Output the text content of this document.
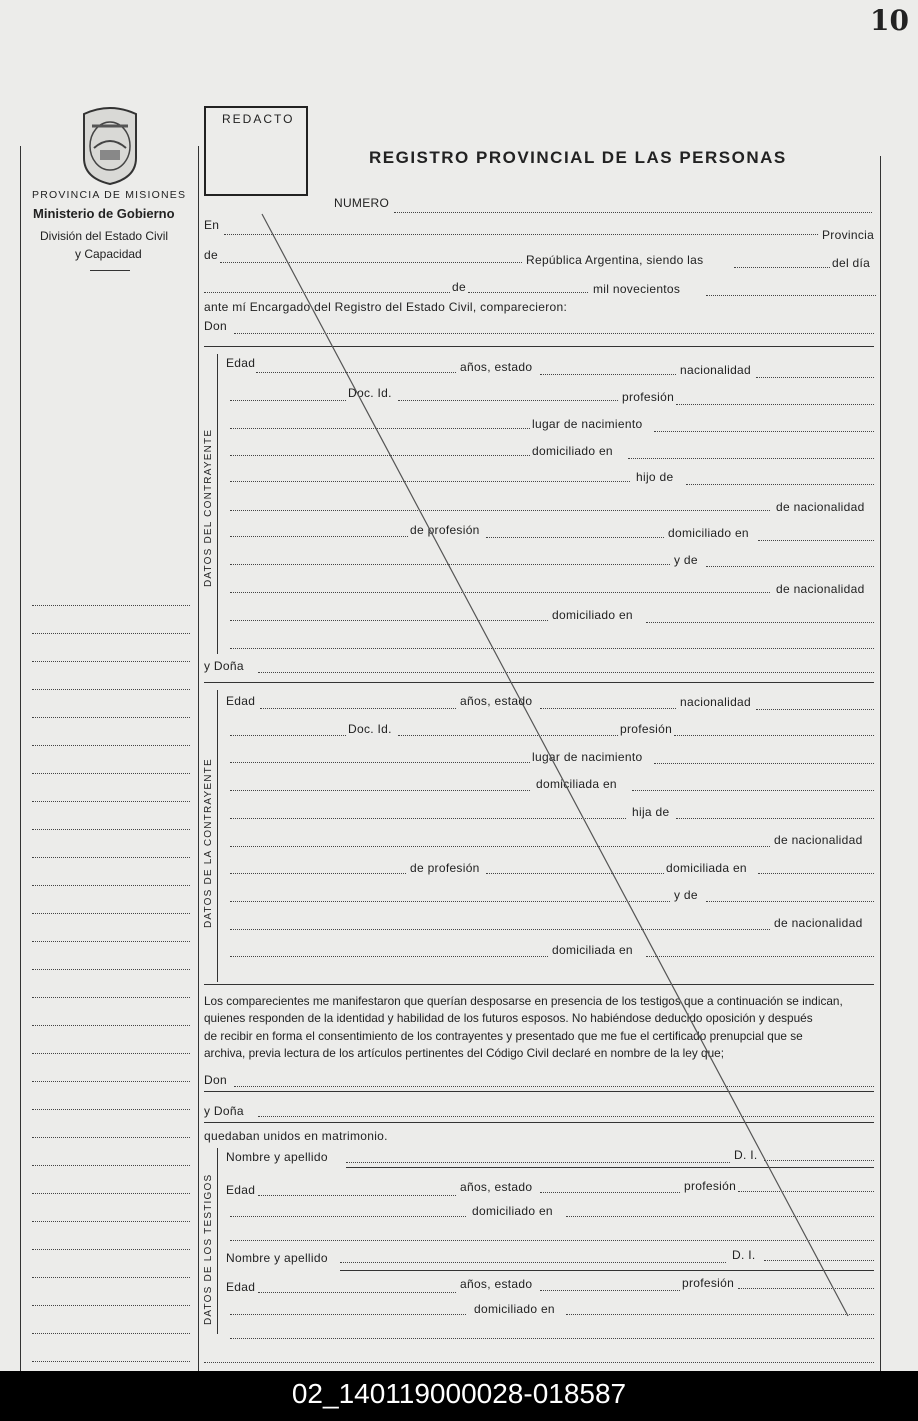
10
PROVINCIA DE MISIONES
Ministerio de Gobierno
División del Estado Civil
y Capacidad
REDACTO
REGISTRO PROVINCIAL DE LAS PERSONAS
NUMERO
En
Provincia
de	República Argentina, siendo las	del día
de	mil novecientos
ante mí Encargado del Registro del Estado Civil, comparecieron:
Don
DATOS DEL CONTRAYENTE
Edad	años, estado	nacionalidad
Doc. Id.	profesión
lugar de nacimiento
domiciliado en
hijo de
de nacionalidad
de profesión	domiciliado en
y de
de nacionalidad
domiciliado en
y Doña
DATOS DE LA CONTRAYENTE
Edad	años, estado	nacionalidad
Doc. Id.	profesión
lugar de nacimiento
domiciliada en
hija de
de nacionalidad
de profesión	domiciliada en
y de
de nacionalidad
domiciliada en
Los comparecientes me manifestaron que querían desposarse en presencia de los testigos que a continuación se indican,
quienes responden de la identidad y habilidad de los futuros esposos. No habiéndose deducido oposición y después
de recibir en forma el consentimiento de los contrayentes y presentado que me fue el certificado prenupcial que se
archiva, previa lectura de los artículos pertinentes del Código Civil declaré en nombre de la ley que;
Don
y Doña
quedaban unidos en matrimonio.
DATOS DE LOS TESTIGOS
Nombre y apellido	D. I.
Edad	años, estado	profesión
domiciliado en
Nombre y apellido	D. I.
Edad	años, estado	profesión
domiciliado en
02_140119000028-018587
